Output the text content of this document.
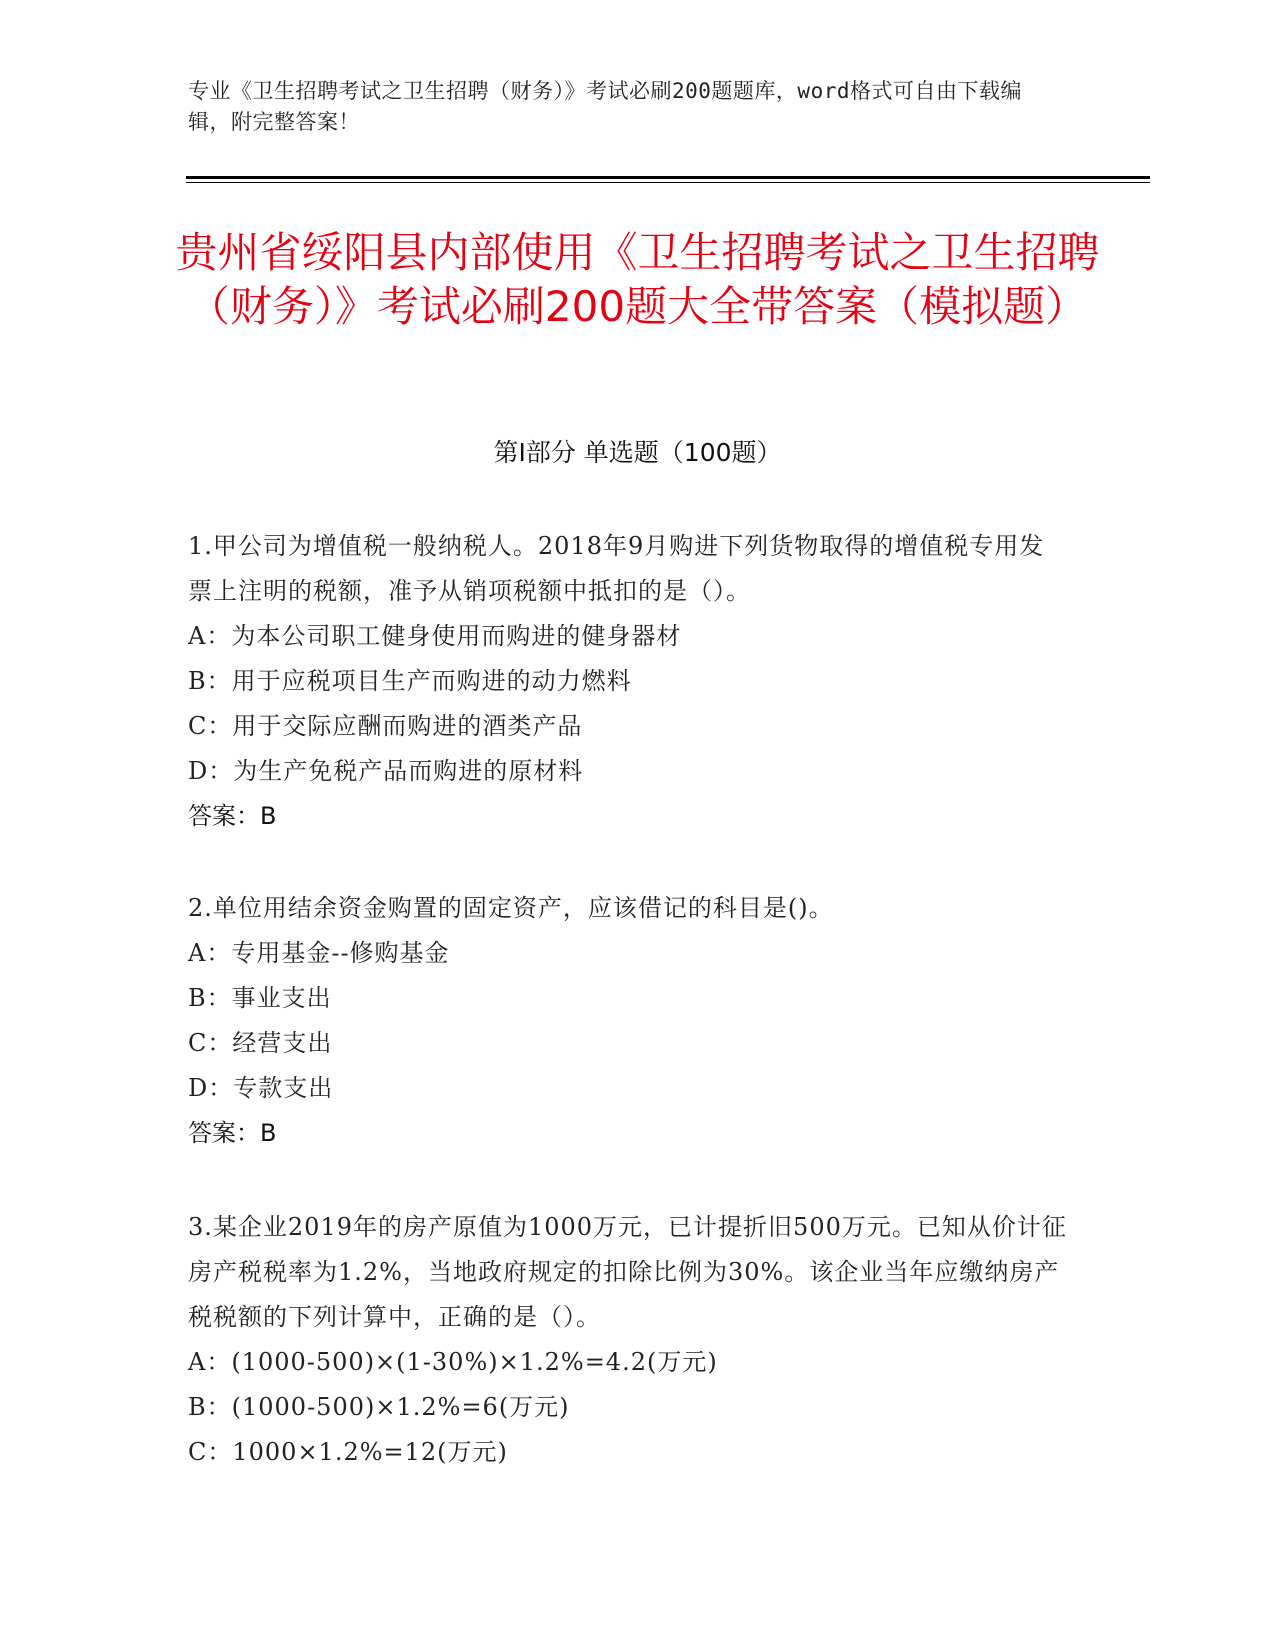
专业《卫生招聘考试之卫生招聘（财务）》考试必刷200题题库，word格式可自由下载编辑，附完整答案！
贵州省绥阳县内部使用《卫生招聘考试之卫生招聘（财务）》考试必刷200题大全带答案（模拟题）
第Ⅰ部分 单选题（100题）
1.甲公司为增值税一般纳税人。2018年9月购进下列货物取得的增值税专用发票上注明的税额，准予从销项税额中抵扣的是（）。
A：为本公司职工健身使用而购进的健身器材
B：用于应税项目生产而购进的动力燃料
C：用于交际应酬而购进的酒类产品
D：为生产免税产品而购进的原材料
答案：B
2.单位用结余资金购置的固定资产，应该借记的科目是()。
A：专用基金--修购基金
B：事业支出
C：经营支出
D：专款支出
答案：B
3.某企业2019年的房产原值为1000万元，已计提折旧500万元。已知从价计征房产税税率为1.2%，当地政府规定的扣除比例为30%。该企业当年应缴纳房产税税额的下列计算中，正确的是（）。
A：(1000-500)×(1-30%)×1.2%=4.2(万元)
B：(1000-500)×1.2%=6(万元)
C：1000×1.2%=12(万元)
